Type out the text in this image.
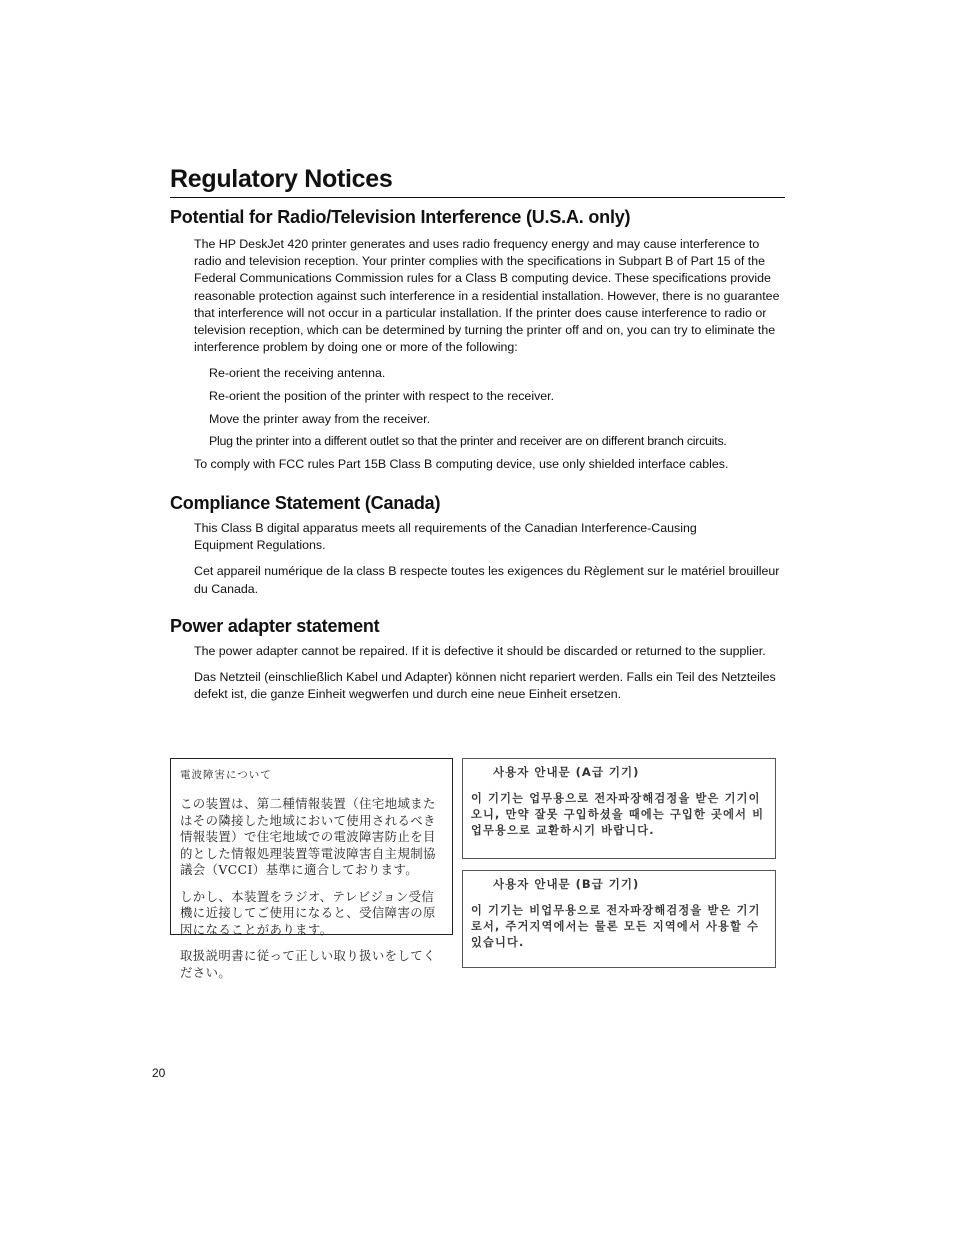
Regulatory Notices
Potential for Radio/Television Interference (U.S.A. only)

The HP DeskJet 420 printer generates and uses radio frequency energy and may cause interference to radio and television reception. Your printer complies with the specifications in Subpart B of Part 15 of the Federal Communications Commission rules for a Class B computing device. These specifications provide reasonable protection against such interference in a residential installation. However, there is no guarantee that interference will not occur in a particular installation. If the printer does cause interference to radio or television reception, which can be determined by turning the printer off and on, you can try to eliminate the interference problem by doing one or more of the following:

Re-orient the receiving antenna.

Re-orient the position of the printer with respect to the receiver.

Move the printer away from the receiver.

Plug the printer into a different outlet so that the printer and receiver are on different branch circuits.

To comply with FCC rules Part 15B Class B computing device, use only shielded interface cables.

Compliance Statement (Canada)

This Class B digital apparatus meets all requirements of the Canadian Interference-Causing Equipment Regulations.

Cet appareil numérique de la class B respecte toutes les exigences du Règlement sur le matériel brouilleur du Canada.

Power adapter statement

The power adapter cannot be repaired. If it is defective it should be discarded or returned to the supplier.

Das Netzteil (einschließlich Kabel und Adapter) können nicht repariert werden. Falls ein Teil des Netzteiles defekt ist, die ganze Einheit wegwerfen und durch eine neue Einheit ersetzen.

電波障害について

この装置は、第二種情報装置（住宅地域またはその隣接した地域において使用されるべき情報装置）で住宅地域での電波障害防止を目的とした情報処理装置等電波障害自主規制協議会（VCCI）基準に適合しております。

しかし、本装置をラジオ、テレビジョン受信機に近接してご使用になると、受信障害の原因になることがあります。

取扱説明書に従って正しい取り扱いをしてください。

사용자 안내문 (A급 기기)

이 기기는 업무용으로 전자파장해검정을 받은 기기이오니, 만약 잘못 구입하셨을 때에는 구입한 곳에서 비업무용으로 교환하시기 바랍니다.

사용자 안내문 (B급 기기)

이 기기는 비업무용으로 전자파장해검정을 받은 기기로서, 주거지역에서는 물론 모든 지역에서 사용할 수 있습니다.

20
